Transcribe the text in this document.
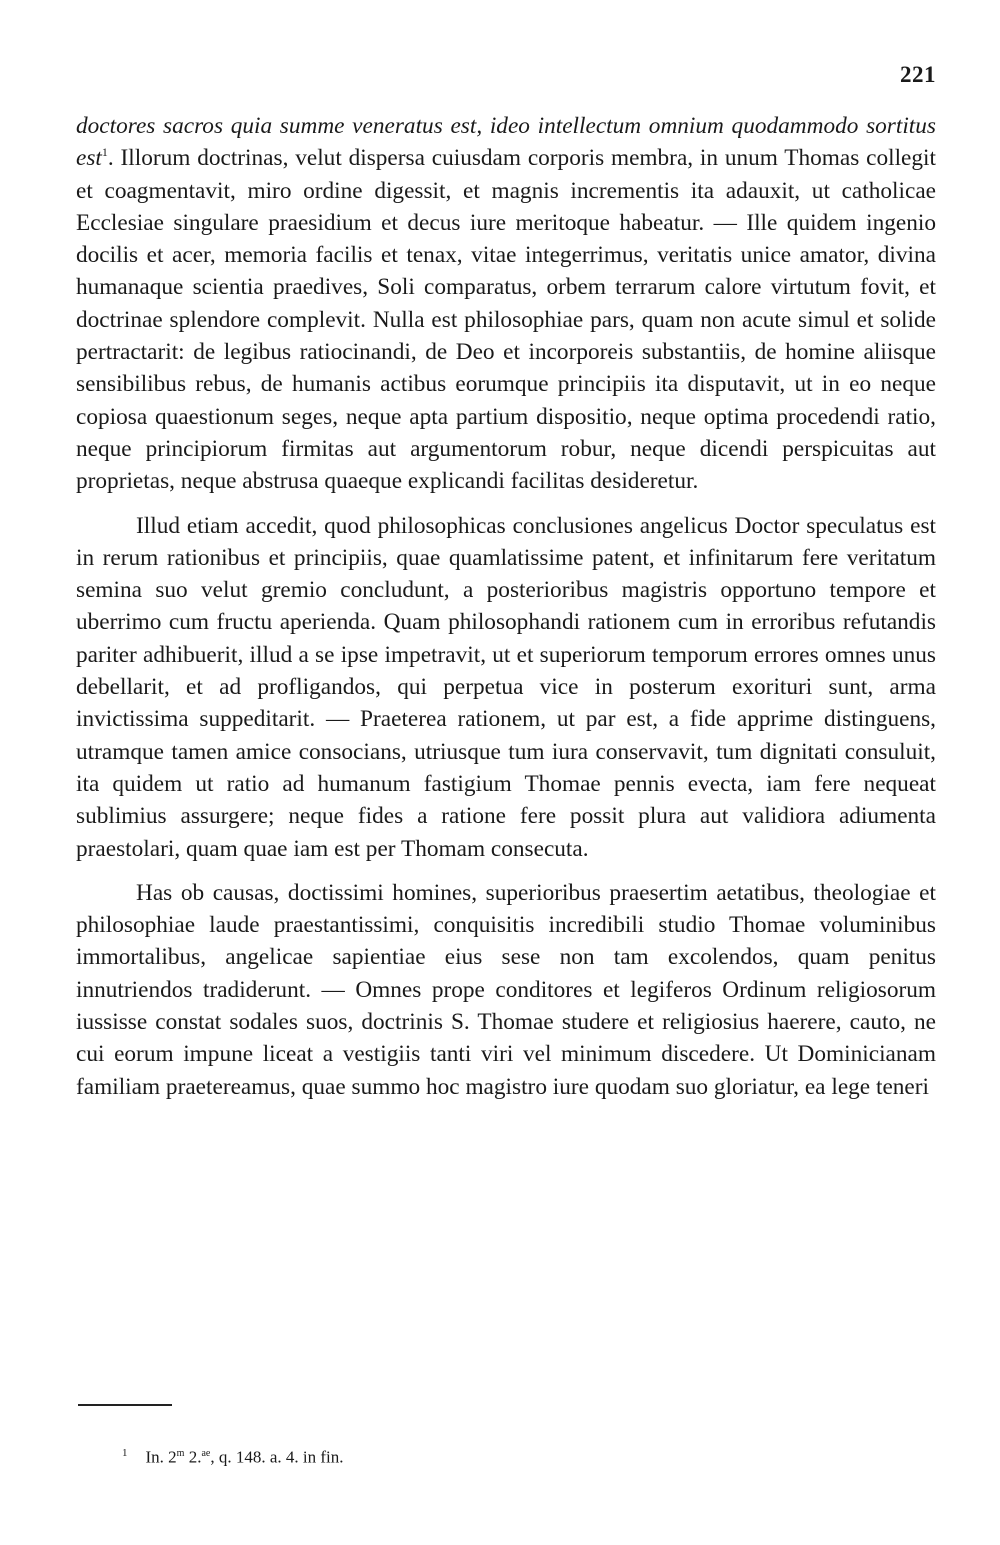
221

doctores sacros quia summe veneratus est, ideo intellectum omnium quodammodo sortitus est$^1$. Illorum doctrinas, velut dispersa cuiusdam corporis membra, in unum Thomas collegit et coagmentavit, miro ordine digessit, et magnis incrementis ita adauxit, ut catholicae Ecclesiae singulare praesidium et decus iure meritoque habeatur. — Ille quidem ingenio docilis et acer, memoria facilis et tenax, vitae integerrimus, veritatis unice amator, divina humanaque scientia praedives, Soli comparatus, orbem terrarum calore virtutum fovit, et doctrinae splendore complevit. Nulla est philosophiae pars, quam non acute simul et solide pertractarit: de legibus ratiocinandi, de Deo et incorporeis substantiis, de homine aliisque sensibilibus rebus, de humanis actibus eorumque principiis ita disputavit, ut in eo neque copiosa quaestionum seges, neque apta partium dispositio, neque optima procedendi ratio, neque principiorum firmitas aut argumentorum robur, neque dicendi perspicuitas aut proprietas, neque abstrusa quaeque explicandi facilitas desideretur.

Illud etiam accedit, quod philosophicas conclusiones angelicus Doctor speculatus est in rerum rationibus et principiis, quae quamlatissime patent, et infinitarum fere veritatum semina suo velut gremio concludunt, a posterioribus magistris opportuno tempore et uberrimo cum fructu aperienda. Quam philosophandi rationem cum in erroribus refutandis pariter adhibuerit, illud a se ipse impetravit, ut et superiorum temporum errores omnes unus debellarit, et ad profligandos, qui perpetua vice in posterum exorituri sunt, arma invictissima suppeditarit. — Praeterea rationem, ut par est, a fide apprime distinguens, utramque tamen amice consocians, utriusque tum iura conservavit, tum dignitati consuluit, ita quidem ut ratio ad humanum fastigium Thomae pennis evecta, iam fere nequeat sublimius assurgere; neque fides a ratione fere possit plura aut validiora adiumenta praestolari, quam quae iam est per Thomam consecuta.

Has ob causas, doctissimi homines, superioribus praesertim aetatibus, theologiae et philosophiae laude praestantissimi, conquisitis incredibili studio Thomae voluminibus immortalibus, angelicae sapientiae eius sese non tam excolendos, quam penitus innutriendos tradiderunt. — Omnes prope conditores et legiferos Ordinum religiosorum iussisse constat sodales suos, doctrinis S. Thomae studere et religiosius haerere, cauto, ne cui eorum impune liceat a vestigiis tanti viri vel minimum discedere. Ut Dominicianam familiam praetereamus, quae summo hoc magistro iure quodam suo gloriatur, ea lege teneri

$^1$ In. 2$^m$ 2.$^{ae}$, q. 148. a. 4. in fin.
